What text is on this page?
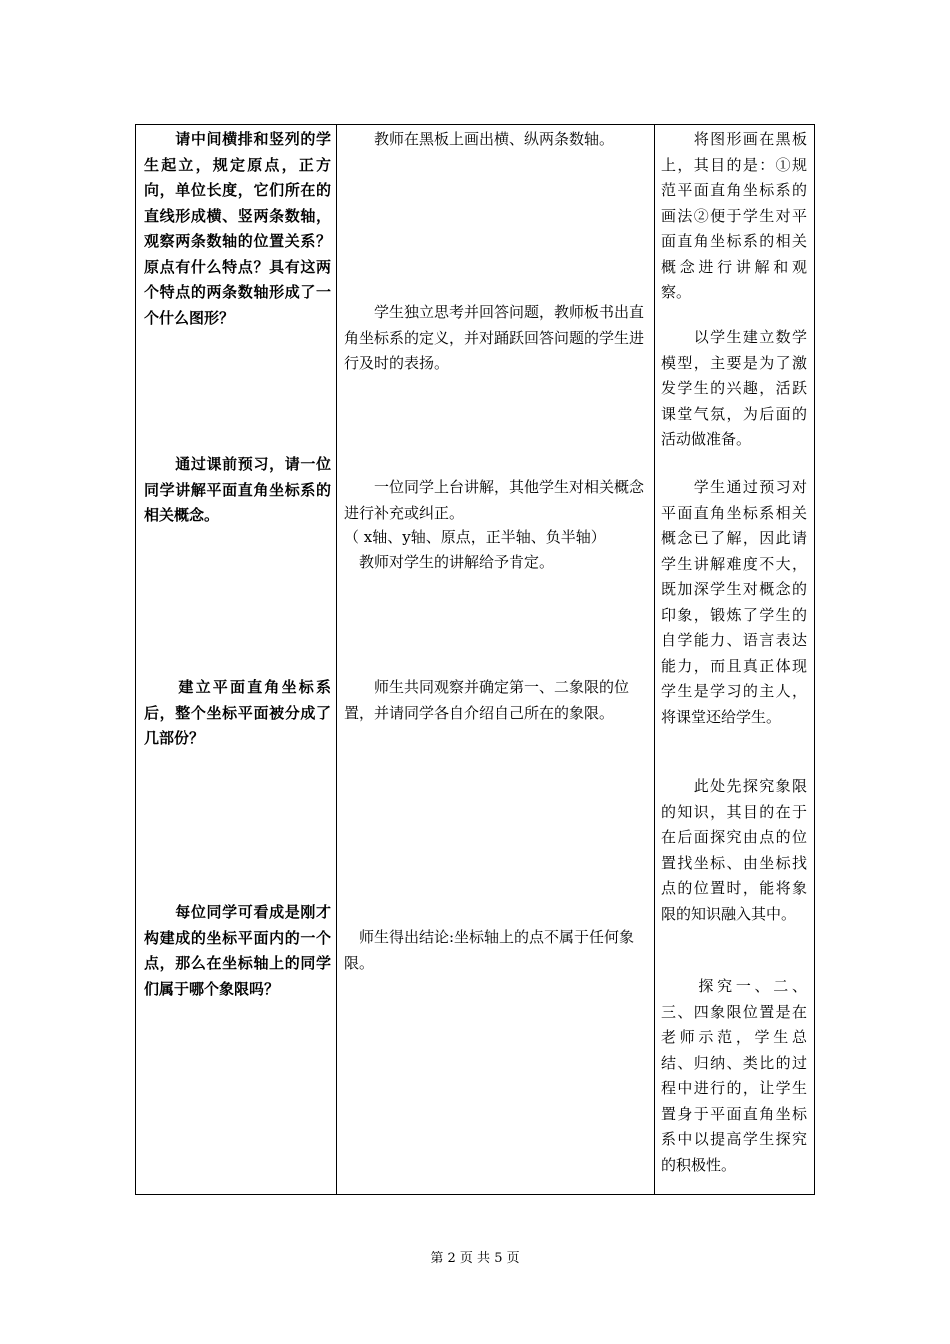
　　请中间横排和竖列的学生起立，规定原点，正方向，单位长度，它们所在的直线形成横、竖两条数轴，观察两条数轴的位置关系？原点有什么特点？具有这两个特点的两条数轴形成了一个什么图形？

　　通过课前预习，请一位同学讲解平面直角坐标系的相关概念。

　　建立平面直角坐标系后，整个坐标平面被分成了几部份？

　　每位同学可看成是刚才构建成的坐标平面内的一个点，那么在坐标轴上的同学们属于哪个象限吗？

　　教师在黑板上画出横、纵两条数轴。

　　学生独立思考并回答问题，教师板书出直角坐标系的定义，并对踊跃回答问题的学生进行及时的表扬。

　　一位同学上台讲解，其他学生对相关概念进行补充或纠正。

（ x轴、y轴、原点，正半轴、负半轴）

　教师对学生的讲解给予肯定。

　　师生共同观察并确定第一、二象限的位置，并请同学各自介绍自己所在的象限。

　师生得出结论:坐标轴上的点不属于任何象限。

　　将图形画在黑板上，其目的是：①规范平面直角坐标系的画法②便于学生对平面直角坐标系的相关概念进行讲解和观察。

　　以学生建立数学模型，主要是为了激发学生的兴趣，活跃课堂气氛，为后面的活动做准备。

　　学生通过预习对平面直角坐标系相关概念已了解，因此请学生讲解难度不大，既加深学生对概念的印象，锻炼了学生的自学能力、语言表达能力，而且真正体现学生是学习的主人，将课堂还给学生。

　　此处先探究象限的知识，其目的在于在后面探究由点的位置找坐标、由坐标找点的位置时，能将象限的知识融入其中。

　　探究一、二、三、四象限位置是在老师示范，学生总结、归纳、类比的过程中进行的，让学生置身于平面直角坐标系中以提高学生探究的积极性。

第 2 页 共 5 页
